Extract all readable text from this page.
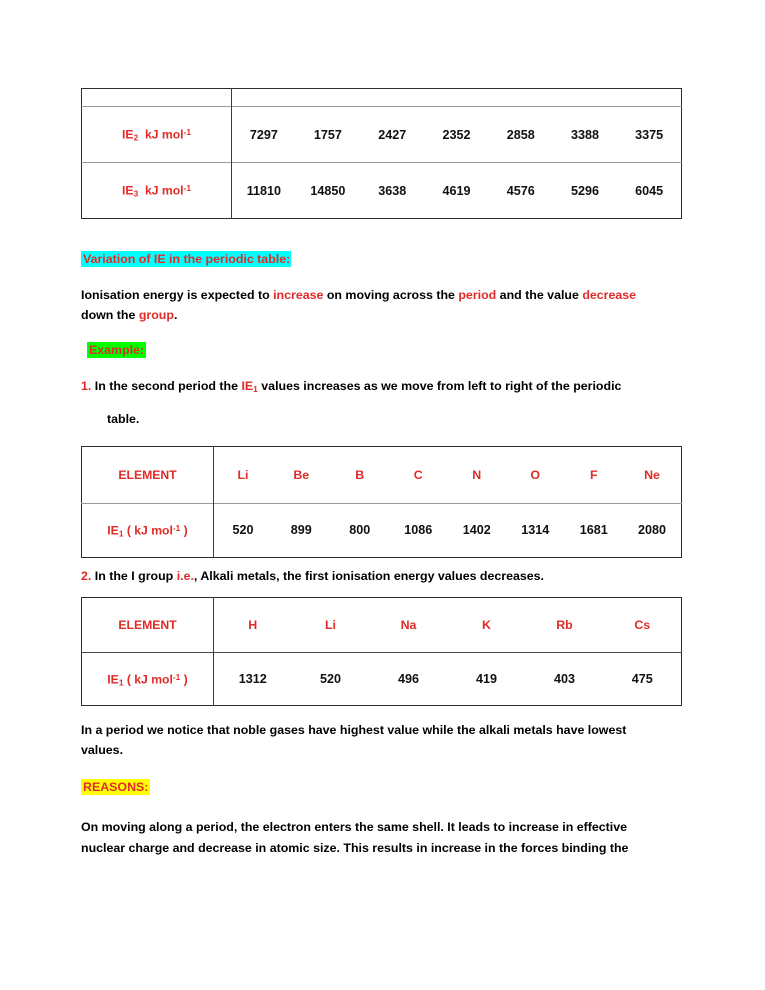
$IE_2$ kJ mol$^{-1}$	7297	1757	2427	2352	2858	3388	3375
$IE_3$ kJ mol$^{-1}$	11810	14850	3638	4619	4576	5296	6045
Variation of IE in the periodic table:

Ionisation energy is expected to increase on moving across the period and the value decrease
down the group.

Example:
1. In the second period the $IE_1$ values increases as we move from left to right of the periodic
table.
ELEMENT	Li	Be	B	C	N	O	F	Ne
$IE_1$ ( kJ mol$^{-1}$ )	520	899	800	1086	1402	1314	1681	2080
2. In the I group i.e., Alkali metals, the first ionisation energy values decreases.
ELEMENT	H	Li	Na	K	Rb	Cs
$IE_1$ ( kJ mol$^{-1}$ )	1312	520	496	419	403	475

In a period we notice that noble gases have highest value while the alkali metals have lowest
values.

REASONS:

On moving along a period, the electron enters the same shell. It leads to increase in effective
nuclear charge and decrease in atomic size. This results in increase in the forces binding the
